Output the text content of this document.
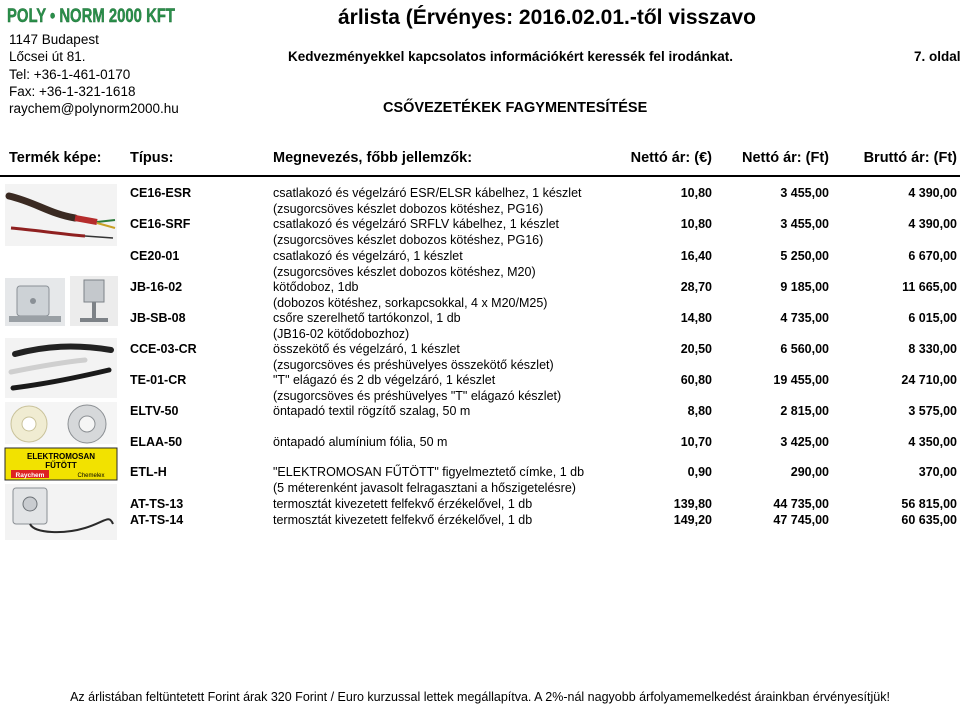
POLY • NORM 2000 KFT
1147 Budapest
Lőcsei út 81.
Tel: +36-1-461-0170
Fax: +36-1-321-1618
raychem@polynorm2000.hu
árlista (Érvényes: 2016.02.01.-től visszavo
Kedvezményekkel kapcsolatos információkért keressék fel irodánkat.	7. oldal
CSŐVEZETÉKEK FAGYMENTESÍTÉSE
Termék képe: Típus:	Megnevezés, főbb jellemzők:	Nettó ár: (€) Nettó ár: (Ft) Bruttó ár: (Ft)
ELEKTROMOSAN
FŰTÖTT
Raychem	Chemelex
CE16-ESR	csatlakozó és végelzáró ESR/ELSR kábelhez, 1 készlet
(zsugorcsöves készlet dobozos kötéshez, PG16)
10,80	3 455,00	4 390,00
CE16-SRF	csatlakozó és végelzáró SRFLV kábelhez, 1 készlet
(zsugorcsöves készlet dobozos kötéshez, PG16)
10,80	3 455,00	4 390,00
CE20-01	csatlakozó és végelzáró, 1 készlet
(zsugorcsöves készlet dobozos kötéshez, M20)
16,40	5 250,00	6 670,00
JB-16-02	kötődoboz, 1db
(dobozos kötéshez, sorkapcsokkal, 4 x M20/M25)
28,70	9 185,00	11 665,00
JB-SB-08	csőre szerelhető tartókonzol, 1 db
(JB16-02 kötődobozhoz)
14,80	4 735,00	6 015,00
CCE-03-CR	összekötő és végelzáró, 1 készlet
(zsugorcsöves és préshüvelyes összekötő készlet)
20,50	6 560,00	8 330,00
TE-01-CR	"T" elágazó és 2 db végelzáró, 1 készlet
(zsugorcsöves és préshüvelyes "T" elágazó készlet)
60,80	19 455,00	24 710,00
ELTV-50	öntapadó textil rögzítő szalag, 50 m	8,80	2 815,00	3 575,00
ELAA-50	öntapadó alumínium fólia, 50 m	10,70	3 425,00	4 350,00
ETL-H	"ELEKTROMOSAN FŰTÖTT" figyelmeztető címke, 1 db
(5 méterenként javasolt felragasztani a hőszigetelésre)
0,90	290,00	370,00
AT-TS-13	termosztát kivezetett felfekvő érzékelővel, 1 db	139,80	44 735,00	56 815,00
AT-TS-14	termosztát kivezetett felfekvő érzékelővel, 1 db	149,20	47 745,00	60 635,00
Az árlistában feltüntetett Forint árak 320 Forint / Euro kurzussal lettek megállapítva. A 2%-nál nagyobb árfolyamemelkedést árainkban érvényesítjük!
